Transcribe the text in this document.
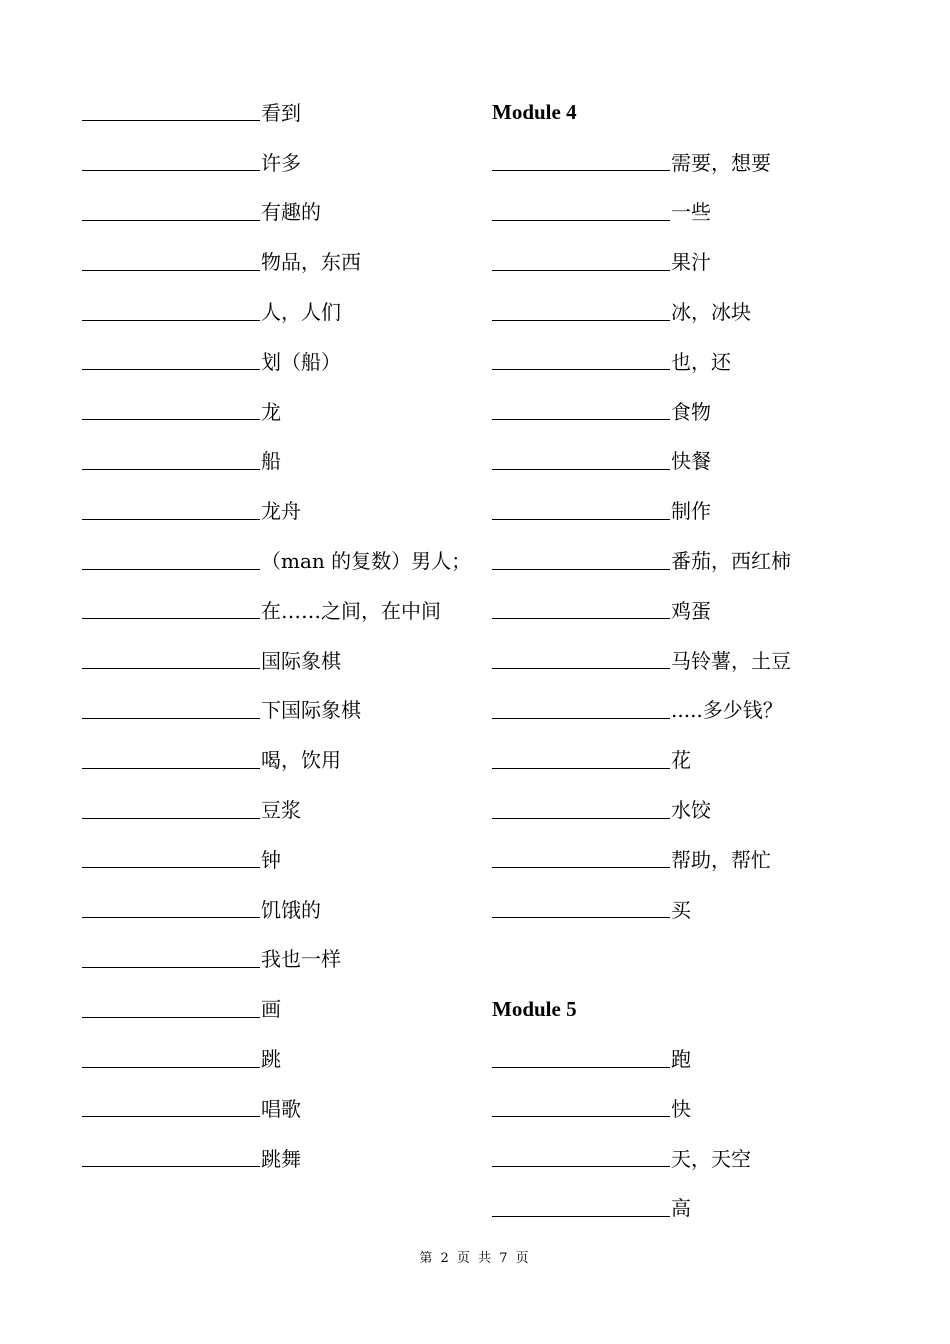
看到
许多
有趣的
物品，东西
人，人们
划（船）
龙
船
龙舟
（man 的复数）男人；
在……之间，在中间
国际象棋
下国际象棋
喝，饮用
豆浆
钟
饥饿的
我也一样
画
跳
唱歌
跳舞
Module 4
需要，想要
一些
果汁
冰，冰块
也，还
食物
快餐
制作
番茄，西红柿
鸡蛋
马铃薯，土豆
.....多少钱？
花
水饺
帮助，帮忙
买
Module 5
跑
快
天，天空
高
第 2 页 共 7 页
